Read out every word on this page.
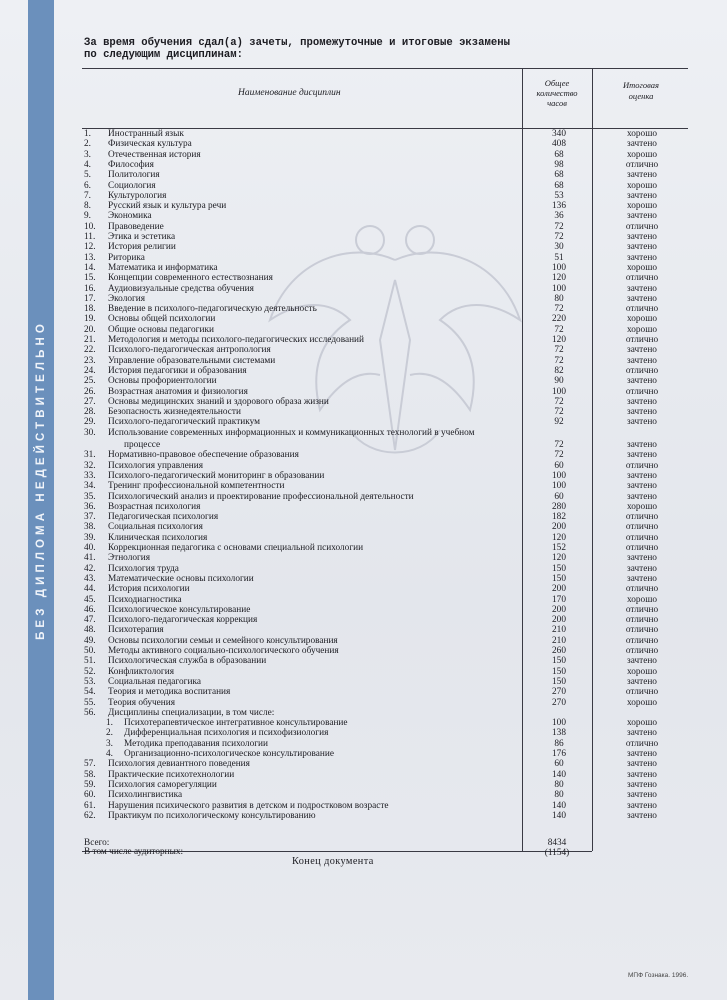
БЕЗ ДИПЛОМА НЕДЕЙСТВИТЕЛЬНО
За время обучения сдал(а) зачеты, промежуточные и итоговые экзамены
по следующим дисциплинам:
Наименование дисциплин
Общее
количество
часов
Итоговая
оценка
1.	Иностранный язык	340	хорошо
2.	Физическая культура	408	зачтено
3.	Отечественная история	68	хорошо
4.	Философия	98	отлично
5.	Политология	68	зачтено
6.	Социология	68	хорошо
7.	Культурология	53	зачтено
8.	Русский язык и культура речи	136	хорошо
9.	Экономика	36	зачтено
10.	Правоведение	72	отлично
11.	Этика и эстетика	72	зачтено
12.	История религии	30	зачтено
13.	Риторика	51	зачтено
14.	Математика и информатика	100	хорошо
15.	Концепции современного естествознания	120	отлично
16.	Аудиовизуальные средства обучения	100	зачтено
17.	Экология	80	зачтено
18.	Введение в психолого-педагогическую деятельность	72	отлично
19.	Основы общей психологии	220	хорошо
20.	Общие основы педагогики	72	хорошо
21.	Методология и методы психолого-педагогических исследований	120	отлично
22.	Психолого-педагогическая антропология	72	зачтено
23.	Управление образовательными системами	72	зачтено
24.	История педагогики и образования	82	отлично
25.	Основы профориентологии	90	зачтено
26.	Возрастная анатомия и физиология	100	отлично
27.	Основы медицинских знаний и здорового образа жизни	72	зачтено
28.	Безопасность жизнедеятельности	72	зачтено
29.	Психолого-педагогический практикум	92	зачтено
30.	Использование современных информационных и коммуникационных технологий в учебном
процессе	72	зачтено
31.	Нормативно-правовое обеспечение образования	72	зачтено
32.	Психология управления	60	отлично
33.	Психолого-педагогический мониторинг в образовании	100	зачтено
34.	Тренинг профессиональной компетентности	100	зачтено
35.	Психологический анализ и проектирование профессиональной деятельности	60	зачтено
36.	Возрастная психология	280	хорошо
37.	Педагогическая психология	182	отлично
38.	Социальная психология	200	отлично
39.	Клиническая психология	120	отлично
40.	Коррекционная педагогика с основами специальной психологии	152	отлично
41.	Этнология	120	зачтено
42.	Психология труда	150	зачтено
43.	Математические основы психологии	150	зачтено
44.	История психологии	200	отлично
45.	Психодиагностика	170	хорошо
46.	Психологическое консультирование	200	отлично
47.	Психолого-педагогическая коррекция	200	отлично
48.	Психотерапия	210	отлично
49.	Основы психологии семьи и семейного консультирования	210	отлично
50.	Методы активного социально-психологического обучения	260	отлично
51.	Психологическая служба в образовании	150	зачтено
52.	Конфликтология	150	хорошо
53.	Социальная педагогика	150	зачтено
54.	Теория и методика воспитания	270	отлично
55.	Теория обучения	270	хорошо
56.	Дисциплины специализации, в том числе:
1.	Психотерапевтическое интегративное консультирование	100	хорошо
2.	Дифференциальная психология и психофизиология	138	зачтено
3.	Методика преподавания психологии	86	отлично
4.	Организационно-психологическое консультирование	176	зачтено
57.	Психология девиантного поведения	60	зачтено
58.	Практические психотехнологии	140	зачтено
59.	Психология саморегуляции	80	зачтено
60.	Психолингвистика	80	зачтено
61.	Нарушения психического развития в детском и подростковом возрасте	140	зачтено
62.	Практикум по психологическому консультированию	140	зачтено
Всего:	8434
В том числе аудиторных:	(1154)
Конец документа
МПФ Гознака. 1996.
